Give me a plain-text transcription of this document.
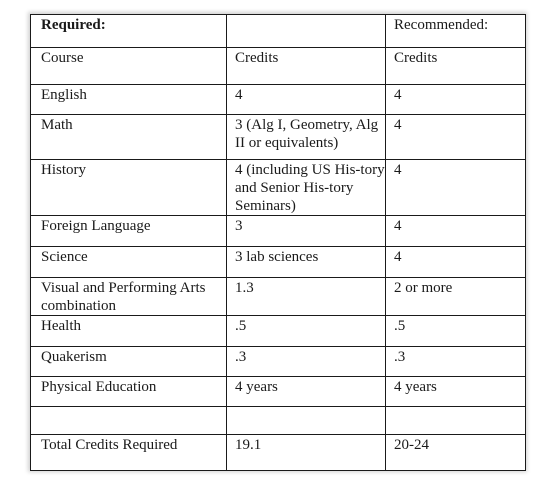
Required:		Recommended:
Course	Credits	Credits
English	4	4
Math	3 (Alg I, Geometry, Alg II or equivalents)	4
History	4 (including US His-tory and Senior His-tory Seminars)	4
Foreign Language	3	4
Science	3 lab sciences	4
Visual and Performing Arts combination	1.3	2 or more
Health	.5	.5
Quakerism	.3	.3
Physical Education	4 years	4 years

Total Credits Required	19.1	20-24
